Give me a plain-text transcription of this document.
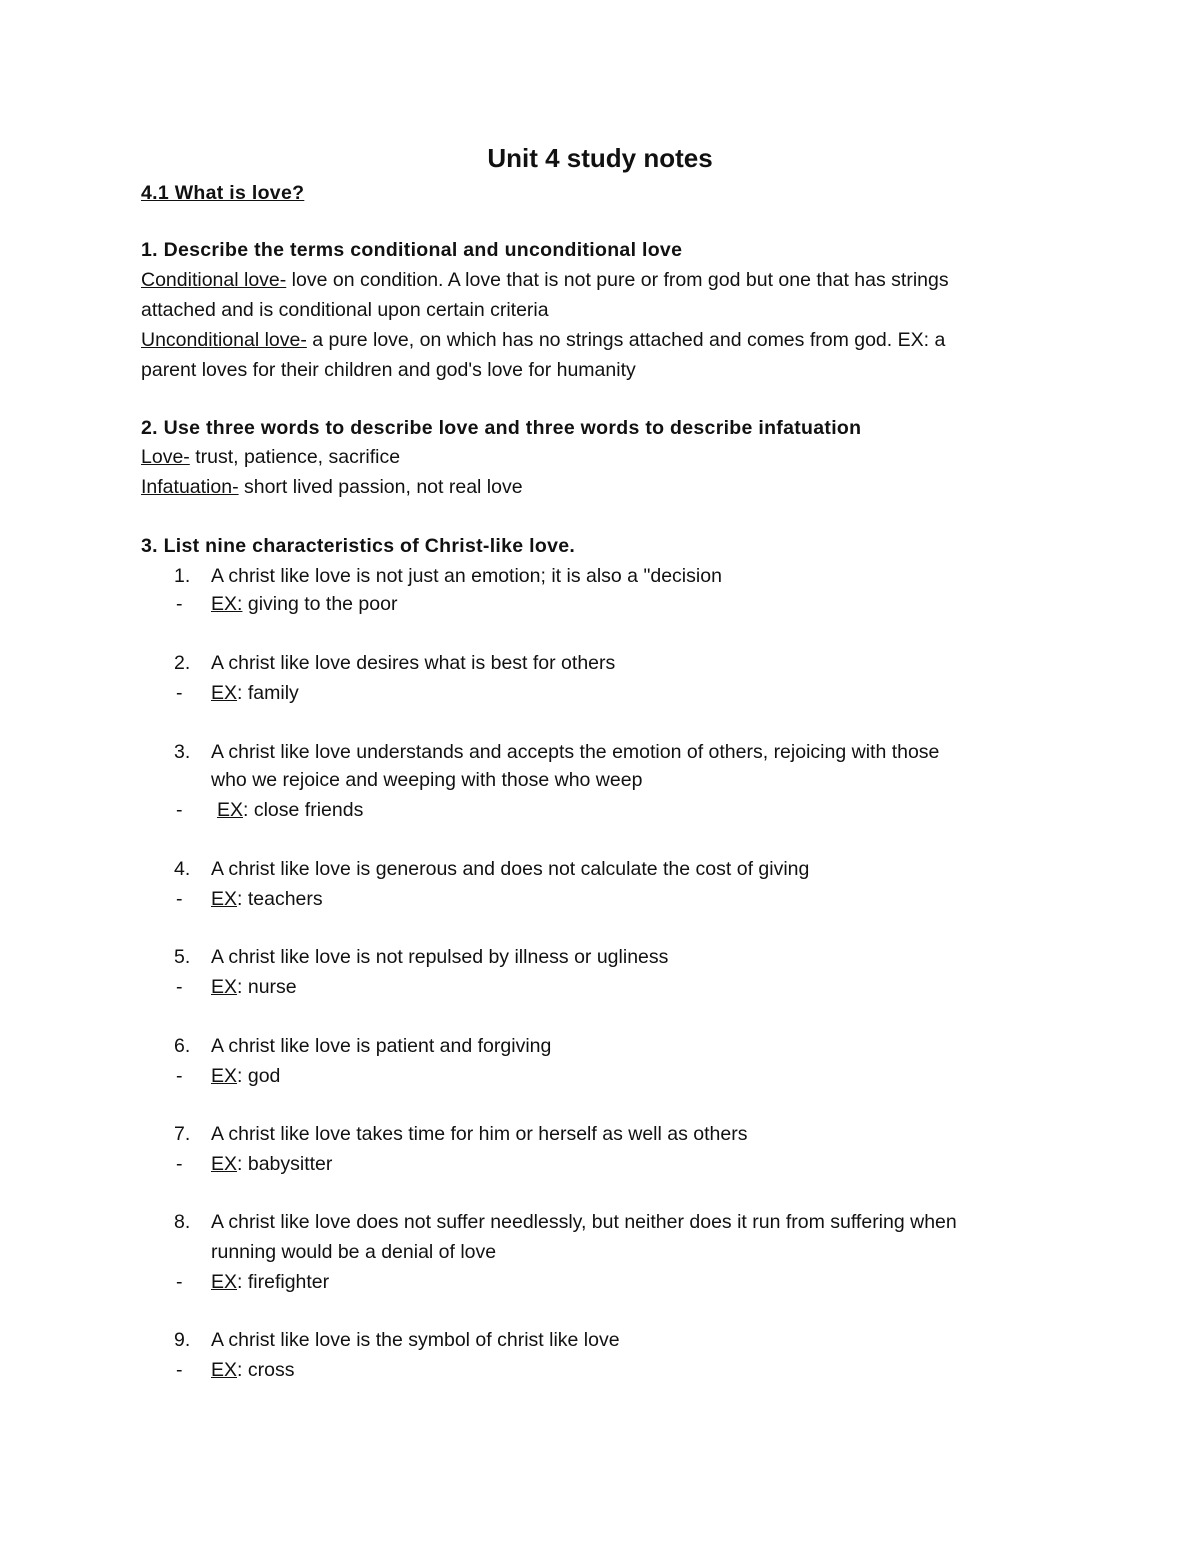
Unit 4 study notes
4.1 What is love?
1. Describe the terms conditional and unconditional love
Conditional love- love on condition. A love that is not pure or from god but one that has strings
attached and is conditional upon certain criteria
Unconditional love- a pure love, on which has no strings attached and comes from god. EX: a
parent loves for their children and god's love for humanity
2. Use three words to describe love and three words to describe infatuation
Love- trust, patience, sacrifice
Infatuation- short lived passion, not real love
3. List nine characteristics of Christ-like love.
1. A christ like love is not just an emotion; it is also a "decision
- EX: giving to the poor
2. A christ like love desires what is best for others
- EX: family
3. A christ like love understands and accepts the emotion of others, rejoicing with those
who we rejoice and weeping with those who weep
- EX: close friends
4. A christ like love is generous and does not calculate the cost of giving
- EX: teachers
5. A christ like love is not repulsed by illness or ugliness
- EX: nurse
6. A christ like love is patient and forgiving
- EX: god
7. A christ like love takes time for him or herself as well as others
- EX: babysitter
8. A christ like love does not suffer needlessly, but neither does it run from suffering when
running would be a denial of love
- EX: firefighter
9. A christ like love is the symbol of christ like love
- EX: cross
